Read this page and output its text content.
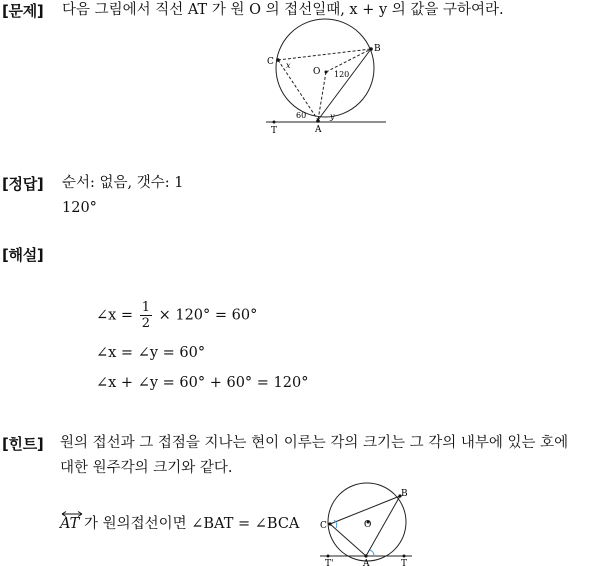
[문제] 다음 그림에서 직선 AT 가 원 O 의 접선일때, x + y 의 값을 구하여라.
C
B
O
T	A
x
120
y
60
[정답] 순서: 없음, 갯수: 1
120°
[해설]
∠x = $\frac{1}{2} \times 120^\circ = 60^\circ$
∠x = ∠y = 60°
∠x + ∠y = 60° + 60° = 120°
[힌트] 원의 접선과 그 접점을 지나는 현이 이루는 각의 크기는 그 각의 내부에 있는 호에
대한 원주각의 크기와 같다.
AT 가 원의접선이면 ∠BAT = ∠BCA
B
C	O
T'	A	T
